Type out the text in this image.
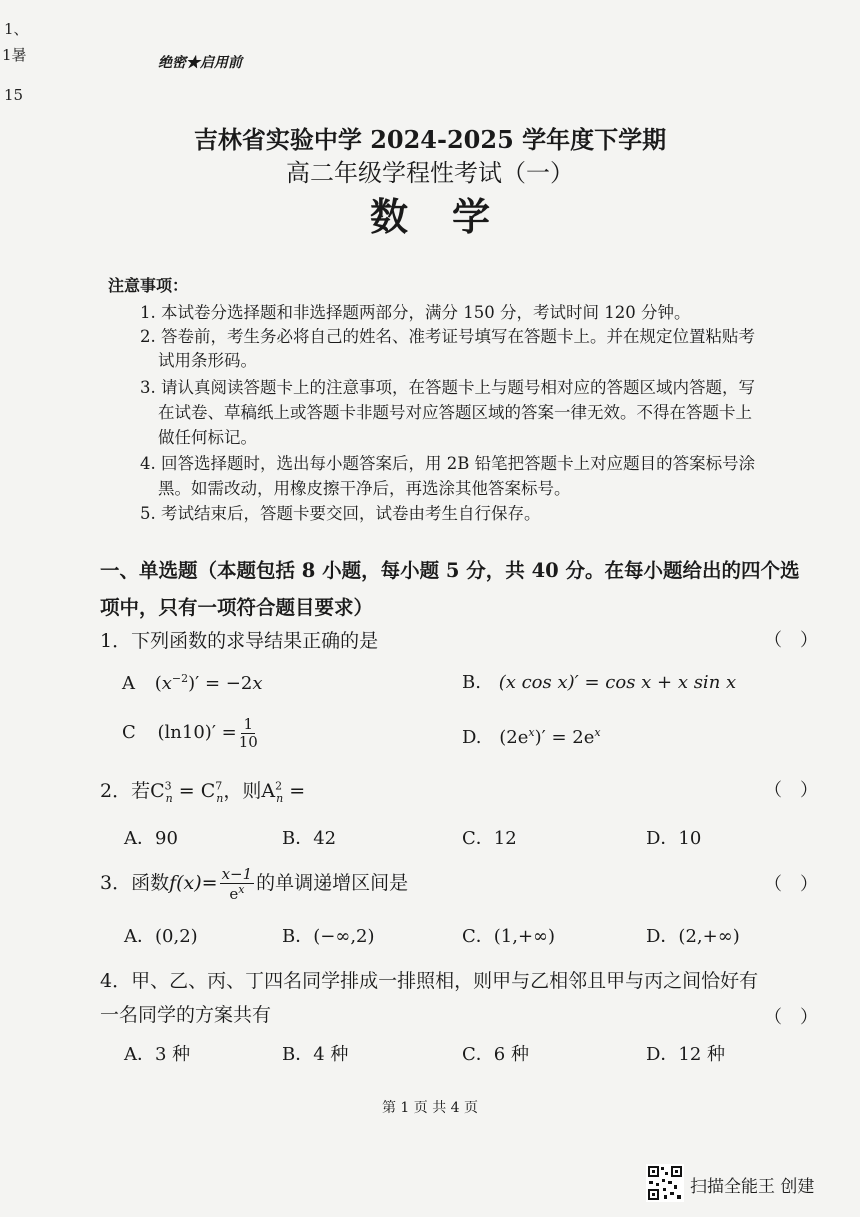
1、
1暑
15
绝密★启用前
吉林省实验中学 2024-2025 学年度下学期
高二年级学程性考试（一）
数学
注意事项：
1. 本试卷分选择题和非选择题两部分，满分 150 分，考试时间 120 分钟。
2. 答卷前，考生务必将自己的姓名、准考证号填写在答题卡上。并在规定位置粘贴考
试用条形码。
3. 请认真阅读答题卡上的注意事项，在答题卡上与题号相对应的答题区域内答题，写
在试卷、草稿纸上或答题卡非题号对应答题区域的答案一律无效。不得在答题卡上
做任何标记。
4. 回答选择题时，选出每小题答案后，用 2B 铅笔把答题卡上对应题目的答案标号涂
黑。如需改动，用橡皮擦干净后，再选涂其他答案标号。
5. 考试结束后，答题卡要交回，试卷由考生自行保存。
一、单选题（本题包括 8 小题，每小题 5 分，共 40 分。在每小题给出的四个选
项中，只有一项符合题目要求）
1．下列函数的求导结果正确的是	（　）
A $(x^{-2})' = -2x$	B. (x cos x)′ = cos x + x sin x
C $(\ln 10)' = \frac{1}{10}$	D. $(2e^x)' = 2e^x$
2．若$C^3_n = C^7_n$，则$A^2_n$ =	（　）
A．90	B．42	C．12	D．10
3．函数$f(x)= \frac{x-1}{e^x}$ 的单调递增区间是	（　）
A．(0,2)	B．(−∞,2)	C．(1,+∞)	D．(2,+∞)
4．甲、乙、丙、丁四名同学排成一排照相，则甲与乙相邻且甲与丙之间恰好有
一名同学的方案共有	（　）
A．3 种	B．4 种	C．6 种	D．12 种
第 1 页 共 4 页
扫描全能王 创建
